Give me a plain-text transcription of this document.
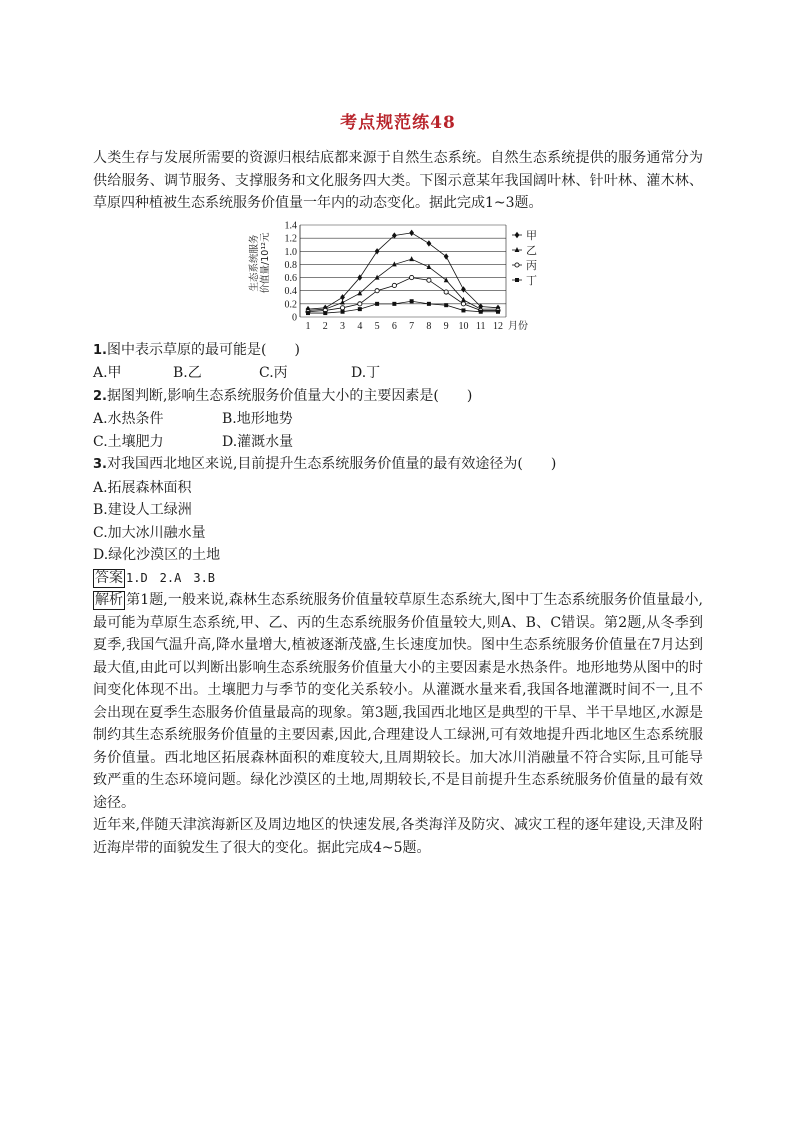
考点规范练48

人类生存与发展所需要的资源归根结底都来源于自然生态系统。自然生态系统提供的服务通常分为供给服务、调节服务、支撑服务和文化服务四大类。下图示意某年我国阔叶林、针叶林、灌木林、草原四种植被生态系统服务价值量一年内的动态变化。据此完成1~3题。

0
0.2
0.4
0.6
0.8
1.0
1.2
1.4
1 2 3 4 5 6 7 8 9 10 11 12 月份
生态系统服务 价值量/10¹²元	甲
乙
丙
丁
1.图中表示草原的最可能是(　　)
A.甲	B.乙	C.丙	D.丁
2.据图判断,影响生态系统服务价值量大小的主要因素是(　　)
A.水热条件	B.地形地势
C.土壤肥力	D.灌溉水量
3.对我国西北地区来说,目前提升生态系统服务价值量的最有效途径为(　　)
A.拓展森林面积
B.建设人工绿洲
C.加大冰川融水量
D.绿化沙漠区的土地
答案 1.D　2.A　3.B

解析 第1题,一般来说,森林生态系统服务价值量较草原生态系统大,图中丁生态系统服务价值量最小,最可能为草原生态系统,甲、乙、丙的生态系统服务价值量较大,则A、B、C错误。第2题,从冬季到夏季,我国气温升高,降水量增大,植被逐渐茂盛,生长速度加快。图中生态系统服务价值量在7月达到最大值,由此可以判断出影响生态系统服务价值量大小的主要因素是水热条件。地形地势从图中的时间变化体现不出。土壤肥力与季节的变化关系较小。从灌溉水量来看,我国各地灌溉时间不一,且不会出现在夏季生态服务价值量最高的现象。第3题,我国西北地区是典型的干旱、半干旱地区,水源是制约其生态系统服务价值量的主要因素,因此,合理建设人工绿洲,可有效地提升西北地区生态系统服务价值量。西北地区拓展森林面积的难度较大,且周期较长。加大冰川消融量不符合实际,且可能导致严重的生态环境问题。绿化沙漠区的土地,周期较长,不是目前提升生态系统服务价值量的最有效途径。

近年来,伴随天津滨海新区及周边地区的快速发展,各类海洋及防灾、减灾工程的逐年建设,天津及附近海岸带的面貌发生了很大的变化。据此完成4~5题。
